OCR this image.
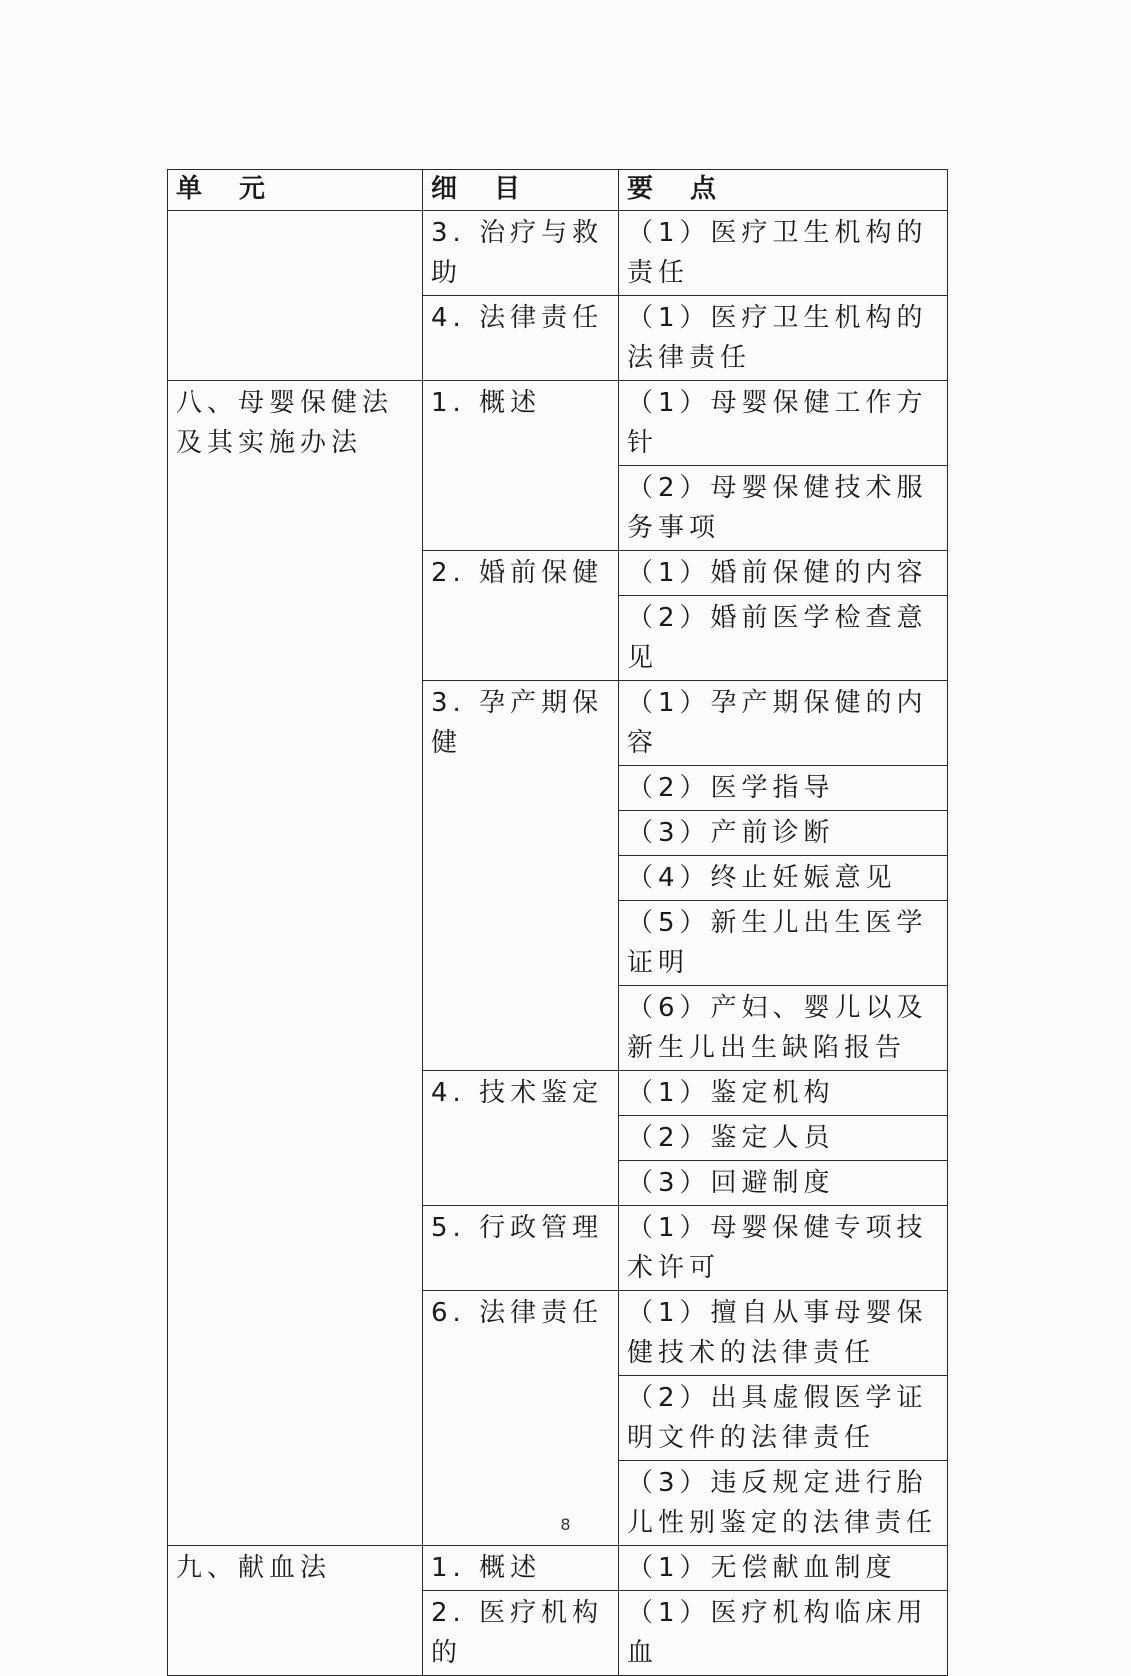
单 元	细 目	要 点
	3. 治疗与救助	（1）医疗卫生机构的责任
	4. 法律责任	（1）医疗卫生机构的法律责任
八、母婴保健法及其实施办法	1. 概述	（1）母婴保健工作方针
		（2）母婴保健技术服务事项
	2. 婚前保健	（1）婚前保健的内容
		（2）婚前医学检查意见
	3. 孕产期保健	（1）孕产期保健的内容
		（2）医学指导
		（3）产前诊断
		（4）终止妊娠意见
		（5）新生儿出生医学证明
		（6）产妇、婴儿以及新生儿出生缺陷报告
	4. 技术鉴定	（1）鉴定机构
		（2）鉴定人员
		（3）回避制度
	5. 行政管理	（1）母婴保健专项技术许可
	6. 法律责任	（1）擅自从事母婴保健技术的法律责任
		（2）出具虚假医学证明文件的法律责任
		（3）违反规定进行胎儿性别鉴定的法律责任
九、献血法	1. 概述	（1）无偿献血制度
	2. 医疗机构的	（1）医疗机构临床用血
8
